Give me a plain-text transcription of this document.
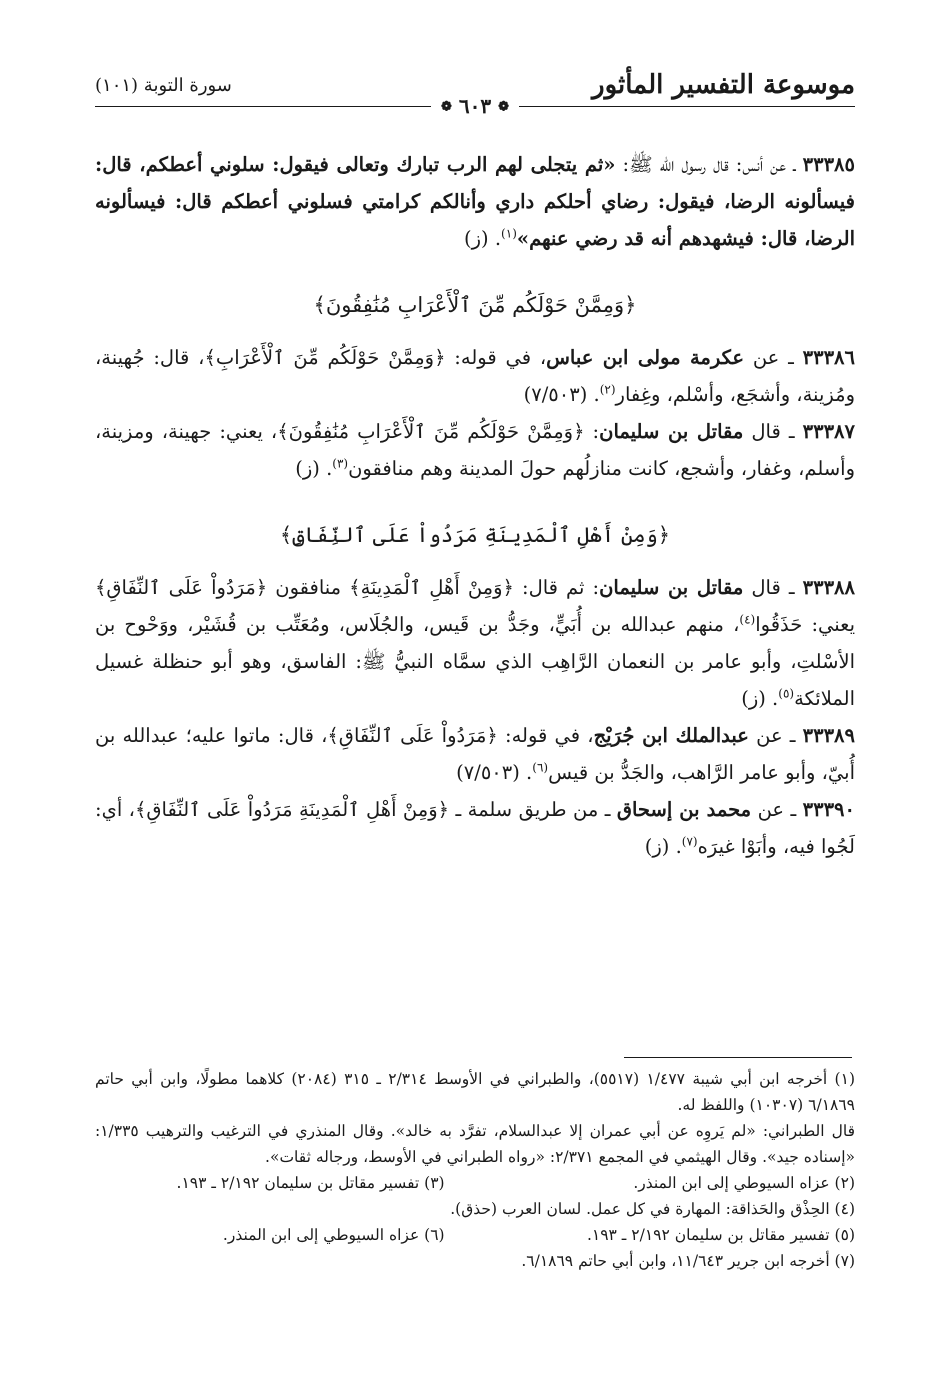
موسوعة التفسير المأثور
سورة التوبة (١٠١)
❁ ٦٠٣ ❁

٣٣٣٨٥ ـ عن أنس: قال رسول الله ﷺ: «ثم يتجلى لهم الرب تبارك وتعالى فيقول: سلوني أعطكم، قال: فيسألونه الرضا، فيقول: رضاي أحلكم داري وأنالكم كرامتي فسلوني أعطكم قال: فيسألونه الرضا، قال: فيشهدهم أنه قد رضي عنهم»$^{(١)}$. (ز)

﴿وَمِمَّنْ حَوْلَكُم مِّنَ ٱلْأَعْرَابِ مُنَٰفِقُونَ﴾

٣٣٣٨٦ ـ عن عكرمة مولى ابن عباس، في قوله: ﴿وَمِمَّنْ حَوْلَكُم مِّنَ ٱلْأَعْرَابِ﴾، قال: جُهينة، ومُزينة، وأشجَع، وأسْلم، وغِفار$^{(٢)}$. (٧/٥٠٣)

٣٣٣٨٧ ـ قال مقاتل بن سليمان: ﴿وَمِمَّنْ حَوْلَكُم مِّنَ ٱلْأَعْرَابِ مُنَٰفِقُونَ﴾، يعني: جهينة، ومزينة، وأسلم، وغفار، وأشجع، كانت منازلُهم حولَ المدينة وهم منافقون$^{(٣)}$. (ز)

﴿وَمِنْ أَهْلِ ٱلْمَدِينَةِ مَرَدُواْ عَلَى ٱلنِّفَاقِ﴾

٣٣٣٨٨ ـ قال مقاتل بن سليمان: ثم قال: ﴿وَمِنْ أَهْلِ ٱلْمَدِينَةِ﴾ منافقون ﴿مَرَدُواْ عَلَى ٱلنِّفَاقِ﴾ يعني: حَذَقُوا$^{(٤)}$، منهم عبدالله بن أُبَيٍّ، وجَدُّ بن قَيس، والجُلَاس، ومُعَتِّب بن قُشَيْر، ووَحْوح بن الأسْلتِ، وأبو عامر بن النعمان الرَّاهِب الذي سمَّاه النبيُّ ﷺ: الفاسق، وهو أبو حنظلة غسيل الملائكة$^{(٥)}$. (ز)

٣٣٣٨٩ ـ عن عبدالملك ابن جُرَيْج، في قوله: ﴿مَرَدُواْ عَلَى ٱلنِّفَاقِ﴾، قال: ماتوا عليه؛ عبدالله بن أُبيّ، وأبو عامر الرَّاهب، والجَدُّ بن قيس$^{(٦)}$. (٧/٥٠٣)

٣٣٣٩٠ ـ عن محمد بن إسحاق ـ من طريق سلمة ـ ﴿وَمِنْ أَهْلِ ٱلْمَدِينَةِ مَرَدُواْ عَلَى ٱلنِّفَاقِ﴾، أي: لَجُوا فيه، وأبَوْا غيرَه$^{(٧)}$. (ز)

(١) أخرجه ابن أبي شيبة ١/٤٧٧ (٥٥١٧)، والطبراني في الأوسط ٢/٣١٤ ـ ٣١٥ (٢٠٨٤) كلاهما مطولًا، وابن أبي حاتم ٦/١٨٦٩ (١٠٣٠٧) واللفظ له.

قال الطبراني: «لم يَروِه عن أبي عمران إلا عبدالسلام، تفرَّد به خالد». وقال المنذري في الترغيب والترهيب ١/٣٣٥: «إسناده جيد». وقال الهيثمي في المجمع ٢/٣٧١: «رواه الطبراني في الأوسط، ورجاله ثقات».

(٢) عزاه السيوطي إلى ابن المنذر.
(٣) تفسير مقاتل بن سليمان ٢/١٩٢ ـ ١٩٣.

(٤) الحِذْق والحَذاقة: المهارة في كل عمل. لسان العرب (حذق).

(٥) تفسير مقاتل بن سليمان ٢/١٩٢ ـ ١٩٣.
(٦) عزاه السيوطي إلى ابن المنذر.

(٧) أخرجه ابن جرير ١١/٦٤٣، وابن أبي حاتم ٦/١٨٦٩.
